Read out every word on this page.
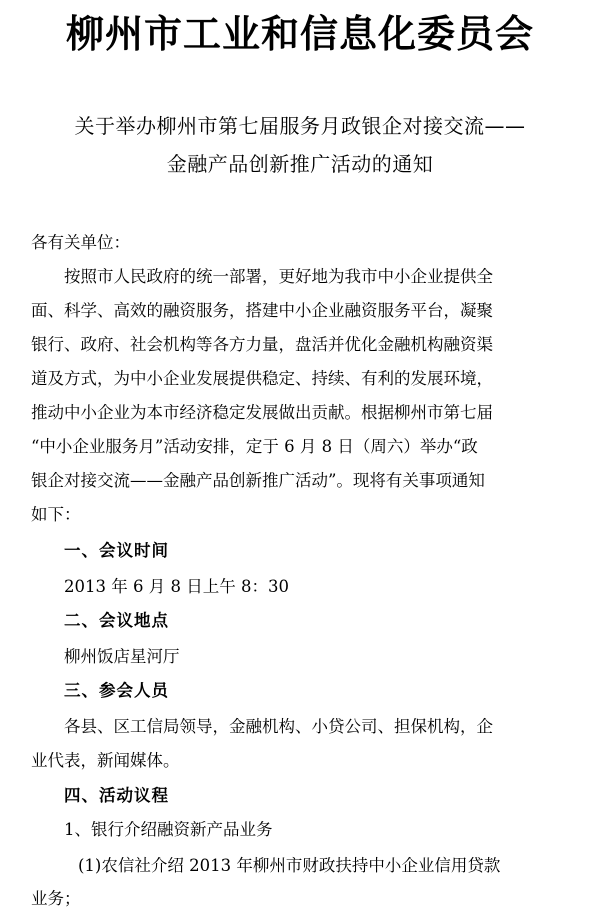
柳州市工业和信息化委员会
关于举办柳州市第七届服务月政银企对接交流——
金融产品创新推广活动的通知
各有关单位：
按照市人民政府的统一部署，更好地为我市中小企业提供全
面、科学、高效的融资服务，搭建中小企业融资服务平台，凝聚
银行、政府、社会机构等各方力量，盘活并优化金融机构融资渠
道及方式，为中小企业发展提供稳定、持续、有利的发展环境，
推动中小企业为本市经济稳定发展做出贡献。根据柳州市第七届
“中小企业服务月”活动安排，定于 6 月 8 日（周六）举办“政
银企对接交流——金融产品创新推广活动”。现将有关事项通知
如下：
一、会议时间
2013 年 6 月 8 日上午 8：30
二、会议地点
柳州饭店星河厅
三、参会人员
各县、区工信局领导，金融机构、小贷公司、担保机构，企
业代表，新闻媒体。
四、活动议程
1、银行介绍融资新产品业务
(1)农信社介绍 2013 年柳州市财政扶持中小企业信用贷款
业务；
